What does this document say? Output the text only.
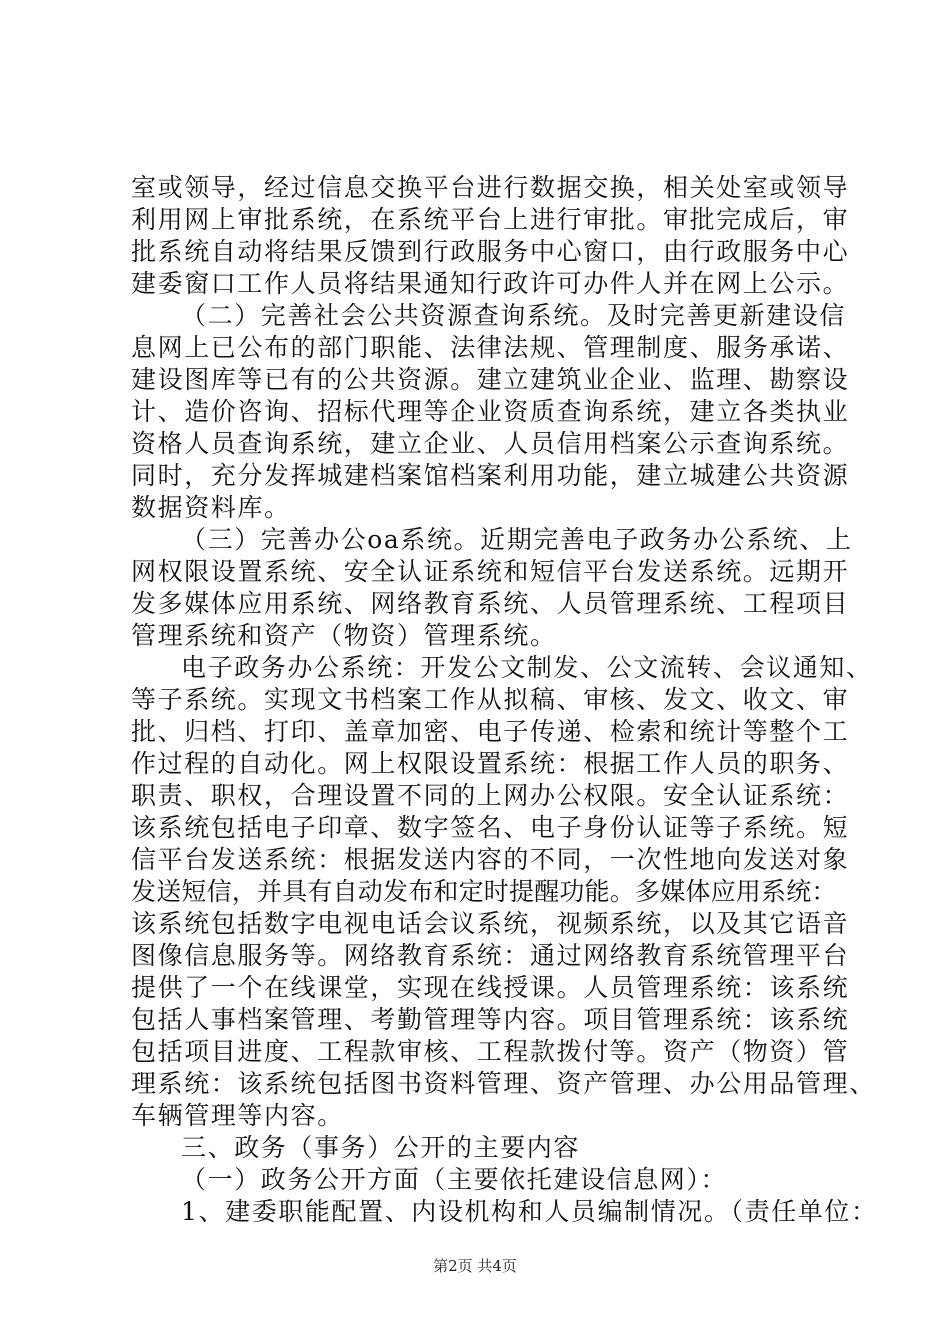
室或领导，经过信息交换平台进行数据交换，相关处室或领导
利用网上审批系统，在系统平台上进行审批。审批完成后，审
批系统自动将结果反馈到行政服务中心窗口，由行政服务中心
建委窗口工作人员将结果通知行政许可办件人并在网上公示。
（二）完善社会公共资源查询系统。及时完善更新建设信
息网上已公布的部门职能、法律法规、管理制度、服务承诺、
建设图库等已有的公共资源。建立建筑业企业、监理、勘察设
计、造价咨询、招标代理等企业资质查询系统，建立各类执业
资格人员查询系统，建立企业、人员信用档案公示查询系统。
同时，充分发挥城建档案馆档案利用功能，建立城建公共资源
数据资料库。
（三）完善办公oa系统。近期完善电子政务办公系统、上
网权限设置系统、安全认证系统和短信平台发送系统。远期开
发多媒体应用系统、网络教育系统、人员管理系统、工程项目
管理系统和资产（物资）管理系统。
电子政务办公系统：开发公文制发、公文流转、会议通知、
等子系统。实现文书档案工作从拟稿、审核、发文、收文、审
批、归档、打印、盖章加密、电子传递、检索和统计等整个工
作过程的自动化。网上权限设置系统：根据工作人员的职务、
职责、职权，合理设置不同的上网办公权限。安全认证系统：
该系统包括电子印章、数字签名、电子身份认证等子系统。短
信平台发送系统：根据发送内容的不同，一次性地向发送对象
发送短信，并具有自动发布和定时提醒功能。多媒体应用系统：
该系统包括数字电视电话会议系统，视频系统，以及其它语音
图像信息服务等。网络教育系统：通过网络教育系统管理平台
提供了一个在线课堂，实现在线授课。人员管理系统：该系统
包括人事档案管理、考勤管理等内容。项目管理系统：该系统
包括项目进度、工程款审核、工程款拨付等。资产（物资）管
理系统：该系统包括图书资料管理、资产管理、办公用品管理、
车辆管理等内容。
三、政务（事务）公开的主要内容
（一）政务公开方面（主要依托建设信息网）：
1、建委职能配置、内设机构和人员编制情况。（责任单位：
第2页 共4页
